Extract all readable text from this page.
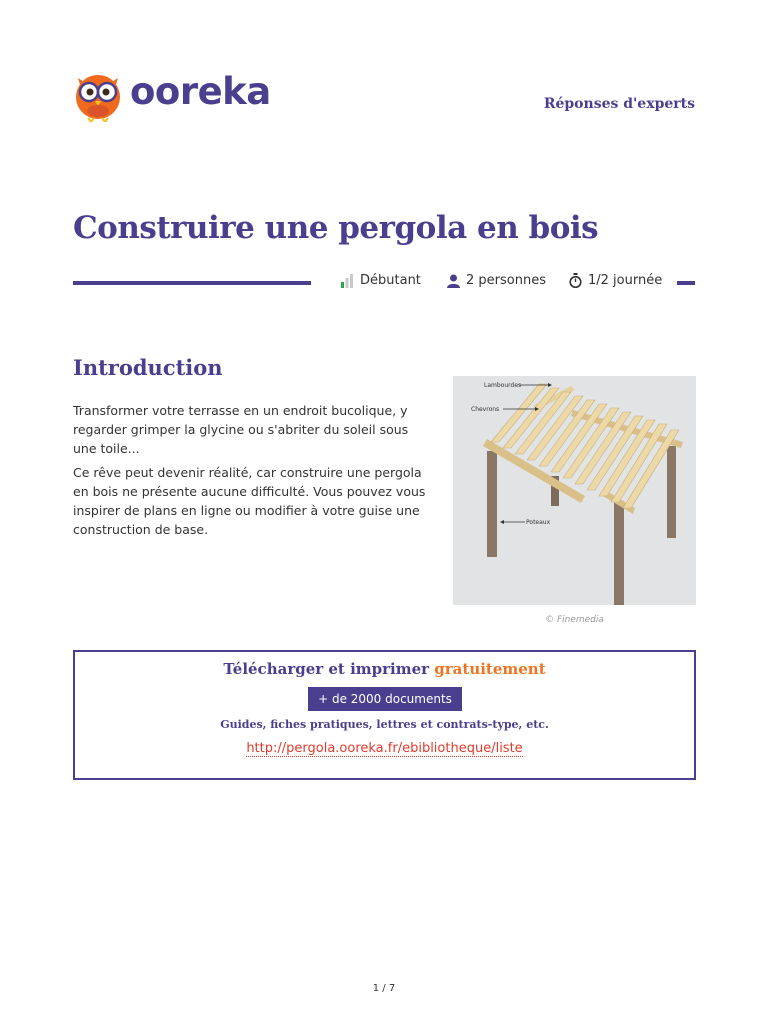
ooreka	Réponses d'experts
Construire une pergola en bois
Débutant	2 personnes	1/2 journée
Introduction

Transformer votre terrasse en un endroit bucolique, y regarder grimper la glycine ou s'abriter du soleil sous une toile...

Ce rêve peut devenir réalité, car construire une pergola en bois ne présente aucune difficulté. Vous pouvez vous inspirer de plans en ligne ou modifier à votre guise une construction de base.

Lambourdes
Chevrons
Poteaux
© Finemedia
Télécharger et imprimer gratuitement
+ de 2000 documents
Guides, fiches pratiques, lettres et contrats-type, etc.
http://pergola.ooreka.fr/ebibliotheque/liste
1 / 7
